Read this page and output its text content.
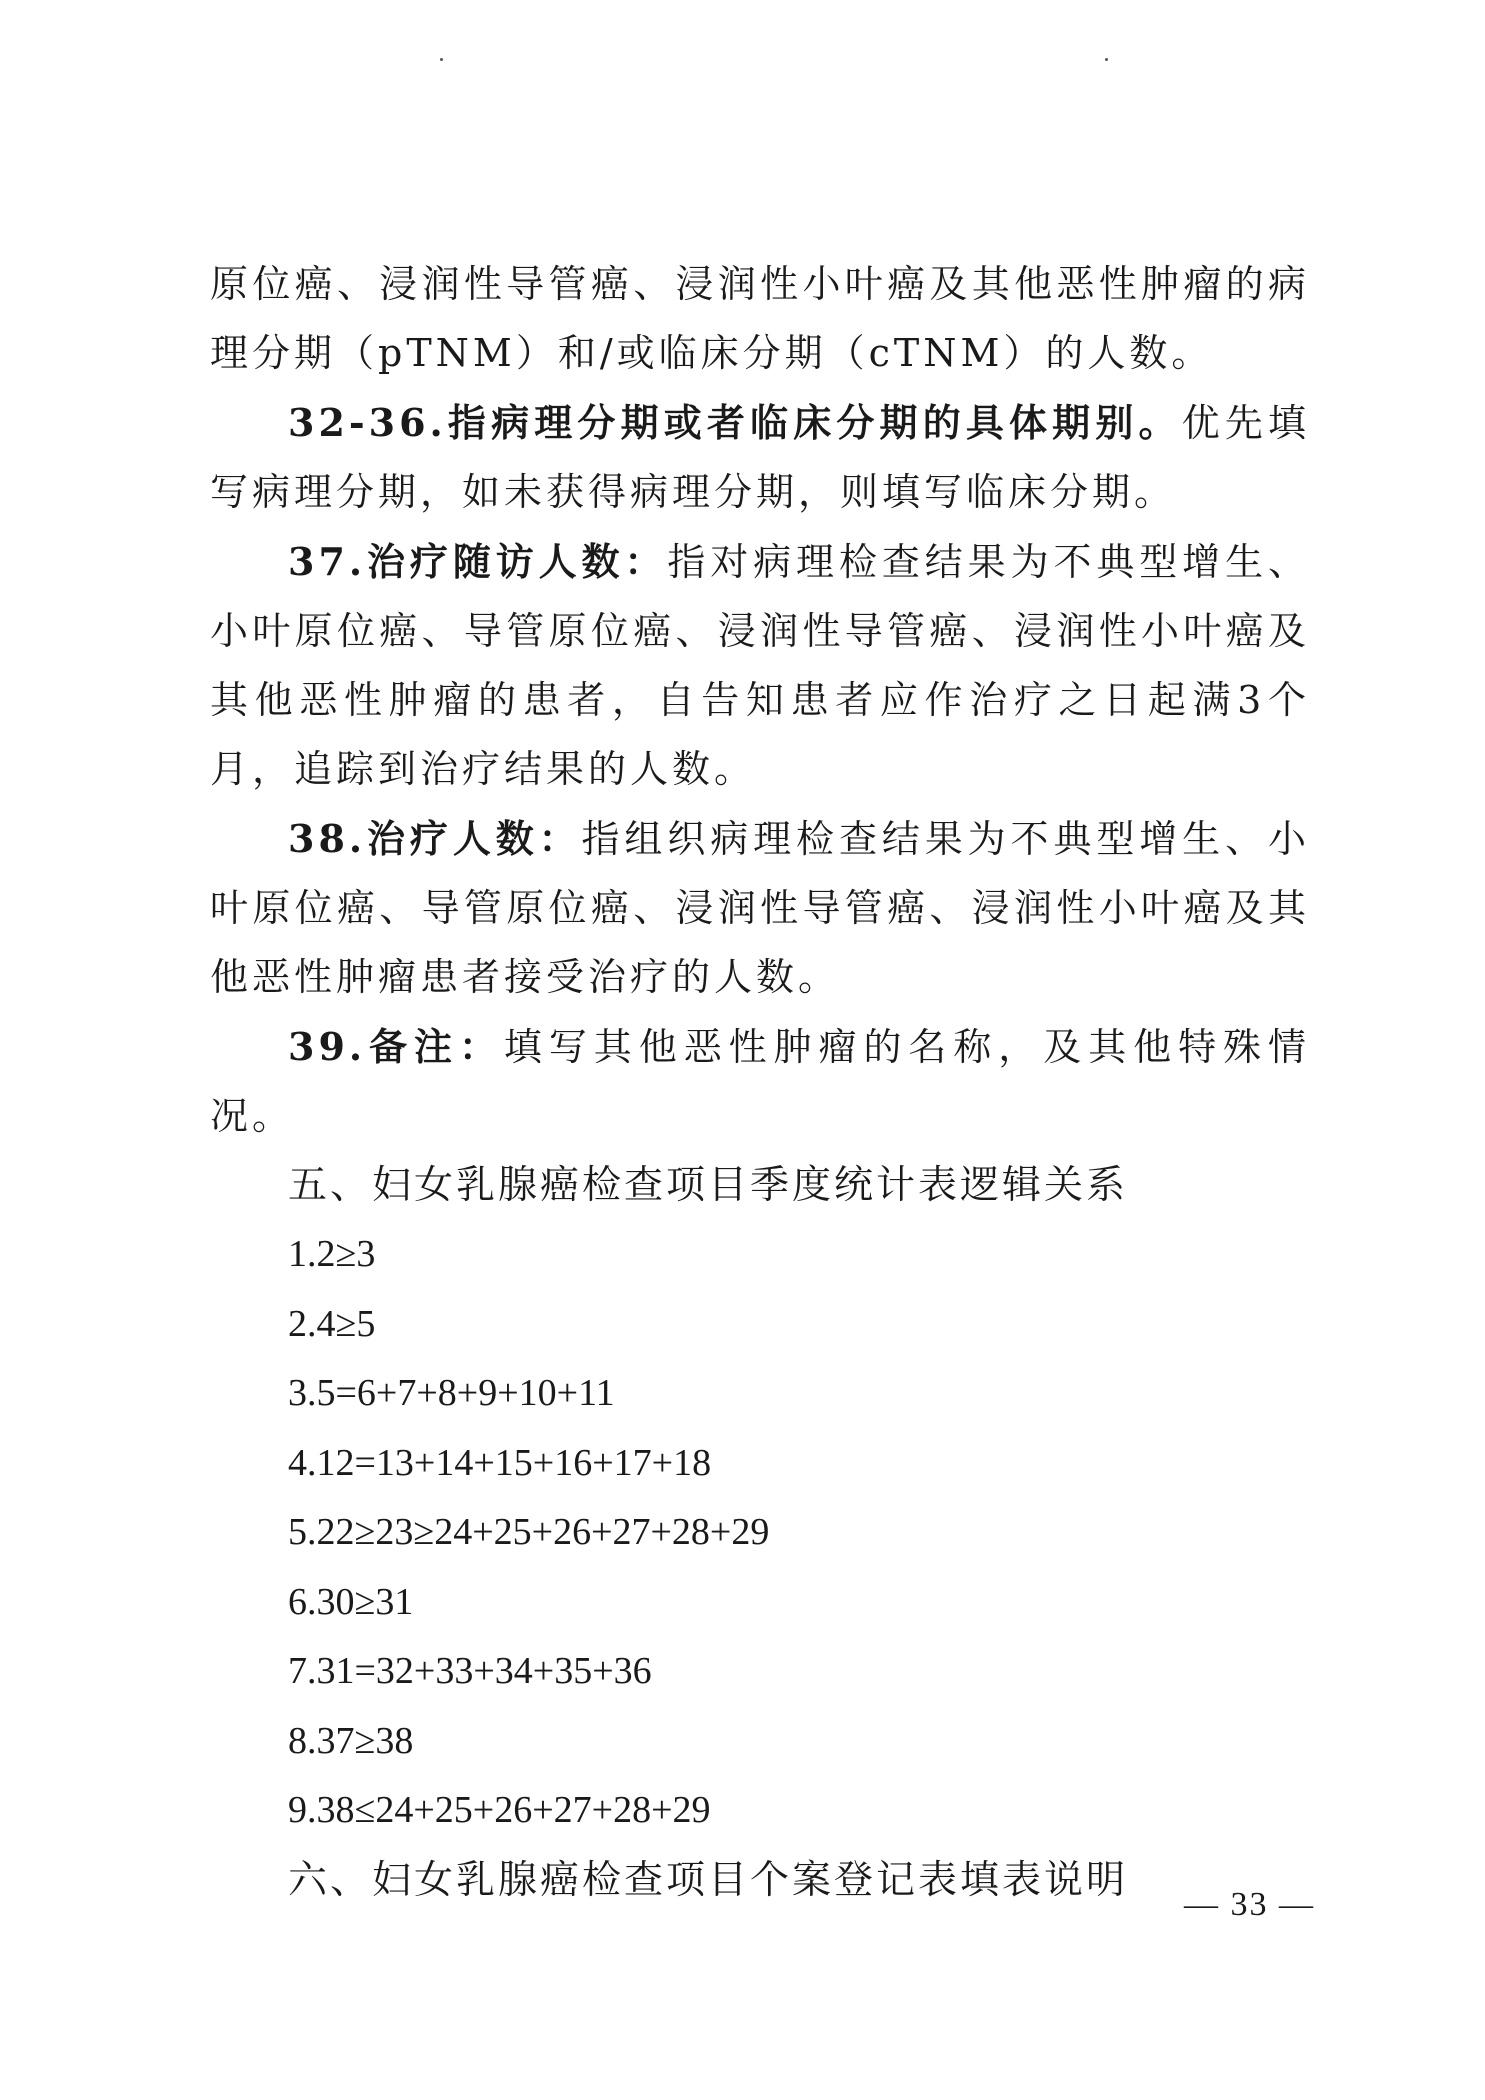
原位癌、浸润性导管癌、浸润性小叶癌及其他恶性肿瘤的病理分期（pTNM）和/或临床分期（cTNM）的人数。

32-36.指病理分期或者临床分期的具体期别。优先填写病理分期，如未获得病理分期，则填写临床分期。

37.治疗随访人数：指对病理检查结果为不典型增生、小叶原位癌、导管原位癌、浸润性导管癌、浸润性小叶癌及其他恶性肿瘤的患者，自告知患者应作治疗之日起满3个月，追踪到治疗结果的人数。

38.治疗人数：指组织病理检查结果为不典型增生、小叶原位癌、导管原位癌、浸润性导管癌、浸润性小叶癌及其他恶性肿瘤患者接受治疗的人数。

39.备注：填写其他恶性肿瘤的名称，及其他特殊情况。

五、妇女乳腺癌检查项目季度统计表逻辑关系

1.2≥3

2.4≥5

3.5=6+7+8+9+10+11

4.12=13+14+15+16+17+18

5.22≥23≥24+25+26+27+28+29

6.30≥31

7.31=32+33+34+35+36

8.37≥38

9.38≤24+25+26+27+28+29

六、妇女乳腺癌检查项目个案登记表填表说明

— 33 —
